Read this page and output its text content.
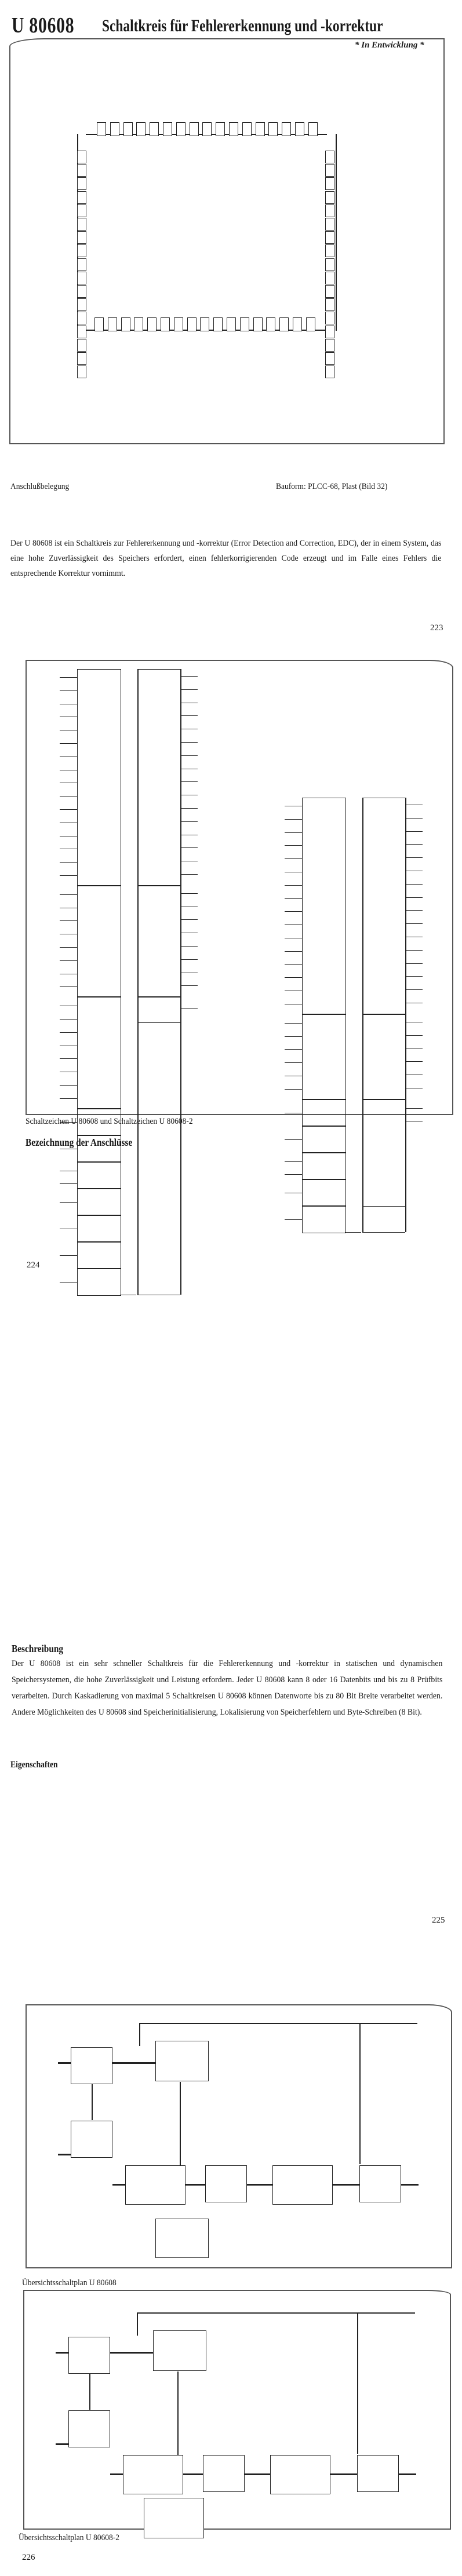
U 80608 Schaltkreis für Fehlererkennung und -korrektur
* In Entwicklung *
Anschlußbelegung	Bauform: PLCC-68, Plast (Bild 32)
Der U 80608 ist ein Schaltkreis zur Fehlererkennung und -korrektur (Error Detection and Correction, EDC), der in einem System, das eine hohe Zuverlässigkeit des Speichers erfordert, einen fehlerkorrigierenden Code erzeugt und im Falle eines Fehlers die entsprechende Korrektur vornimmt.
223
Schaltzeichen U 80608 und Schaltzeichen U 80608-2
Bezeichnung der Anschlüsse
224
Beschreibung
Der U 80608 ist ein sehr schneller Schaltkreis für die Fehlererkennung und -korrektur in statischen und dynamischen Speichersystemen, die hohe Zuverlässigkeit und Leistung erfordern. Jeder U 80608 kann 8 oder 16 Datenbits und bis zu 8 Prüfbits verarbeiten. Durch Kaskadierung von maximal 5 Schaltkreisen U 80608 können Datenworte bis zu 80 Bit Breite verarbeitet werden. Andere Möglichkeiten des U 80608 sind Speicherinitialisierung, Lokalisierung von Speicherfehlern und Byte-Schreiben (8 Bit).
Eigenschaften
225
Übersichtsschaltplan U 80608
Übersichtsschaltplan U 80608-2
226
